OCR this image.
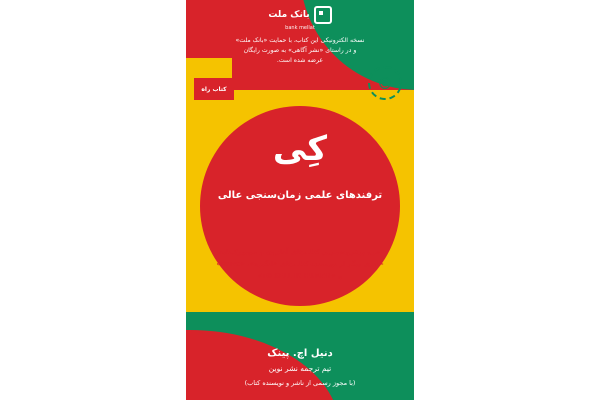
بانک ملت
bank mellat
نسخه الکترونیکی این کتاب، با حمایت «بانک ملت»
و در راستای «نشر آگاهی» به صورت رایگان
عرضه شده است.
کتاب راه	©
کِی
ترفندهای علمی زمان‌سنجی عالی
- جزو پرفروش‌ترین کتاب‌های آمازون و نیویورک‌تایمز
- اثری دیگر از نویسنده کتاب‌های «انگیزه»، «Drive»
و «TO SELL IS HUMAN»
دنیل اچ. پینک
تیم ترجمه نشر نوین
(با مجوز رسمی از ناشر و نویسنده کتاب)
